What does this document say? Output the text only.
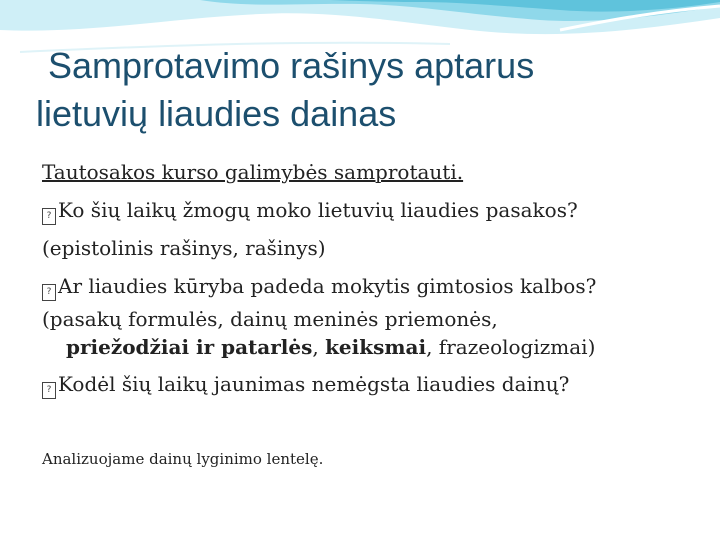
Samprotavimo rašinys aptarus
lietuvių liaudies dainas
Tautosakos kurso galimybės samprotauti.
? Ko šių laikų žmogų moko lietuvių liaudies pasakos?
(epistolinis rašinys, rašinys)
? Ar liaudies kūryba padeda mokytis gimtosios kalbos?
(pasakų formulės, dainų meninės priemonės,
priežodžiai ir patarlės, keiksmai, frazeologizmai)
? Kodėl šių laikų jaunimas nemėgsta liaudies dainų?
Analizuojame dainų lyginimo lentelę.
